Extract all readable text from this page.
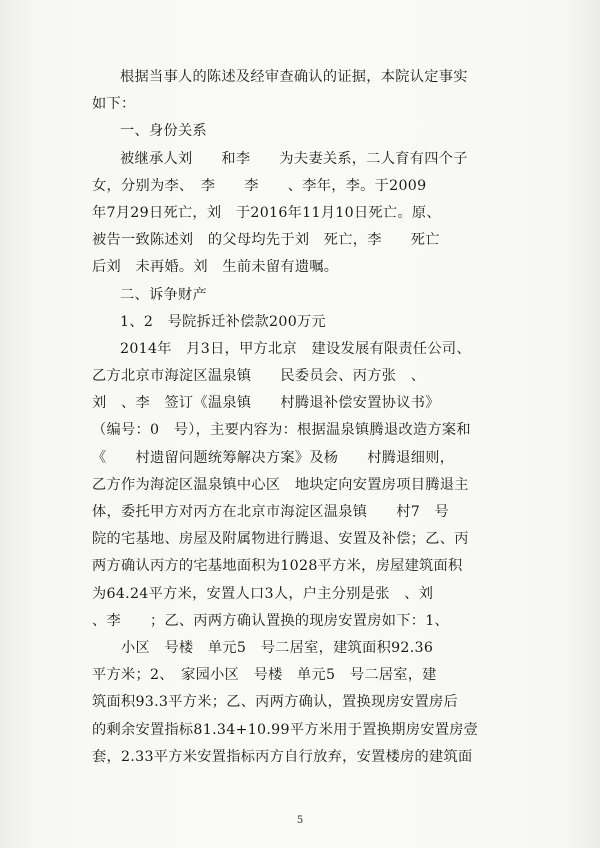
根据当事人的陈述及经审查确认的证据，本院认定事实
如下：
一、身份关系
被继承人刘　　和李　　为夫妻关系，二人育有四个子
女，分别为李、　李　　李　　、李年，李。于2009
年7月29日死亡，刘　于2016年11月10日死亡。原、
被告一致陈述刘　的父母均先于刘　死亡，李　　死亡
后刘　未再婚。刘　生前未留有遗嘱。
二、诉争财产
1、2　号院拆迁补偿款200万元
2014年　月3日，甲方北京　建设发展有限责任公司、
乙方北京市海淀区温泉镇　　民委员会、丙方张　、
刘　、李　签订《温泉镇　　村腾退补偿安置协议书》
（编号：0　号），主要内容为：根据温泉镇腾退改造方案和
《　　村遗留问题统筹解决方案》及杨　　村腾退细则，
乙方作为海淀区温泉镇中心区　地块定向安置房项目腾退主
体，委托甲方对丙方在北京市海淀区温泉镇　　村7　号
院的宅基地、房屋及附属物进行腾退、安置及补偿；乙、丙
两方确认丙方的宅基地面积为1028平方米，房屋建筑面积
为64.24平方米，安置人口3人，户主分别是张　、刘
、李　　；乙、丙两方确认置换的现房安置房如下：1、
　　小区　号楼　单元5　号二居室，建筑面积92.36
平方米；2、　家园小区　号楼　单元5　号二居室，建
筑面积93.3平方米；乙、丙两方确认，置换现房安置房后
的剩余安置指标81.34+10.99平方米用于置换期房安置房壹
套，2.33平方米安置指标丙方自行放弃，安置楼房的建筑面
5
